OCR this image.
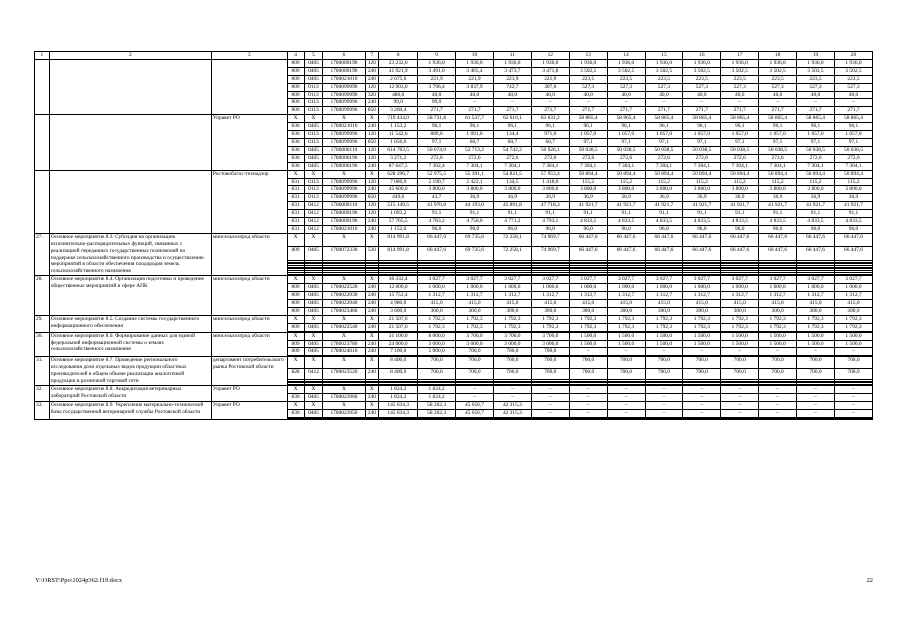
1	2	3	4	5	6	7	8	9	10	11	12	13	14	15	16	17	18	19	20
			809	0405	1780000190	120	23 232,0	1 936,0	1 936,0	1 936,0	1 936,0	1 936,0	1 936,0	1 936,0	1 936,0	1 936,0	1 936,0	1 936,0	1 936,0
			809	0405	1780000190	240	41 921,9	3 491,0	3 465,4	3 473,7	3 471,8	3 502,5	3 502,5	3 502,5	3 502,5	3 502,5	3 502,5	3 502,5	3 502,5
			809	0405	1780021010	240	2 675,6	221,9	221,9	221,9	221,9	223,5	223,5	223,5	223,5	223,5	223,5	223,5	223,5
			809	0113	1780099990	120	12 903,0	3 796,4	3 837,9	742,7	307,6	527,3	527,3	527,3	527,3	527,3	527,3	527,3	527,3
			809	0113	1780099990	320	480,0	40,0	40,0	40,0	40,0	40,0	40,0	40,0	40,0	40,0	40,0	40,0	40,0
			809	0113	1780099990	240	99,0	99,0	–	–	–	–	–	–	–	–	–	–	–
			809	0113	1780099990	850	3 260,4	271,7	271,7	271,7	271,7	271,7	271,7	271,7	271,7	271,7	271,7	271,7	271,7
		Управет РО	X	X	X	X	719 434,0	58 731,8	61 537,7	62 610,1	63 631,2	58 865,4	58 865,4	58 865,4	58 865,4	58 865,4	58 865,4	58 865,4	58 865,4
			830	0405	1780021010	240	1 153,2	96,1	96,1	96,1	96,1	96,1	96,1	96,1	96,1	96,1	96,1	96,1	96,1
			830	0113	1780099990	120	11 542,6	889,6	1 091,0	134,4	971,6	1 057,0	1 057,0	1 057,0	1 057,0	1 057,0	1 057,0	1 057,0	1 057,0
			830	0113	1780099990	850	1 056,0	97,1	60,7	60,7	60,7	97,1	97,1	97,1	97,1	97,1	97,1	97,1	97,1
			830	0405	1780000110	120	614 763,5	50 074,0	52 713,2	54 742,2	56 926,1	50 038,5	50 038,5	50 038,5	50 038,5	50 038,5	50 038,5	50 038,5	50 038,5
			830	0405	1780000190	120	3 271,2	272,6	272,6	272,6	272,6	272,6	272,6	272,6	272,6	272,6	272,6	272,6	272,6
			830	0405	1780000190	240	87 647,5	7 302,4	7 304,1	7 304,1	7 304,1	7 304,1	7 304,1	7 304,1	7 304,1	7 304,1	7 304,1	7 304,1	7 304,1
		Ростовоблгос-технадзор	X	X	X	X	628 296,7	52 975,5	55 391,1	54 821,5	57 953,4	50 894,4	50 894,4	50 894,4	50 894,4	50 894,4	50 894,4	50 894,4	50 894,4
			831	0113	1780099990	120	7 086,9	2 190,7	2 422,1	134,5	1 418,0	115,2	115,2	115,2	115,2	115,2	115,2	115,2	115,2
			831	0113	1780099990	240	45 600,0	3 800,0	3 800,0	3 800,0	3 800,0	3 800,0	3 800,0	3 800,0	3 800,0	3 800,0	3 800,0	3 800,0	3 800,0
			831	0113	1780099990	850	449,6	43,7	36,9	36,9	36,9	36,9	36,9	36,9	36,9	36,9	36,9	36,9	36,9
			831	0412	1780000110	120	515 149,5	41 970,8	44 193,0	45 891,8	47 718,3	41 921,7	41 921,7	41 921,7	41 921,7	41 921,7	41 921,7	41 921,7	41 921,7
			831	0412	1780000190	120	1 093,2	91,1	91,1	91,1	91,1	91,1	91,1	91,1	91,1	91,1	91,1	91,1	91,1
			831	0412	1780000190	240	57 765,5	4 783,2	4 750,0	4 771,2	4 793,1	4 833,5	4 833,5	4 833,5	4 833,5	4 833,5	4 833,5	4 833,5	4 833,5
			831	0412	1780021010	240	1 152,0	96,0	96,0	96,0	96,0	96,0	96,0	96,0	96,0	96,0	96,0	96,0	96,0
27.	Основное мероприятие 8.3. Субсидия на организацию исполнительно-распорядительных функций, связанных с реализацией переданных государственных полномочий по поддержке сельскохозяйственного производства и осуществлению мероприятий в области обеспечения плодородия земель сельскохозяйственного назначения	минсельхозпрод области	X	X	X	X	814 991,8	66 447,6	69 735,6	72 258,1	74 969,7	66 447,6	66 447,6	66 447,6	66 447,6	66 447,6	66 447,6	66 447,6	66 447,6
			809	0405	1780072330	530	814 991,8	66 447,6	69 735,6	72 258,1	74 969,7	66 447,6	66 447,6	66 447,6	66 447,6	66 447,6	66 447,6	66 447,6	66 447,6

28.	Основное мероприятие 8.4. Организация подготовки и проведение общественных мероприятий в сфере АПК	минсельхозпрод области	X	X	X	X	36 332,4	3 027,7	3 027,7	3 027,7	3 027,7	3 027,7	3 027,7	3 027,7	3 027,7	3 027,7	3 027,7	3 027,7	3 027,7
			809	0405	1780022520	240	12 000,0	1 000,0	1 000,0	1 000,0	1 000,0	1 000,0	1 000,0	1 000,0	1 000,0	1 000,0	1 000,0	1 000,0	1 000,0
			809	0405	1780022930	240	15 752,4	1 312,7	1 312,7	1 312,7	1 312,7	1 312,7	1 312,7	1 312,7	1 312,7	1 312,7	1 312,7	1 312,7	1 312,7
			809	0405	1780022940	240	4 980,0	415,0	415,0	415,0	415,0	415,0	415,0	415,0	415,0	415,0	415,0	415,0	415,0
			809	0405	1780023460	240	3 600,0	300,0	300,0	300,0	300,0	300,0	300,0	300,0	300,0	300,0	300,0	300,0	300,0
29.	Основное мероприятие 8.5. Создание системы государственного информационного обеспечения	минсельхозпрод области	X	X	X	X	21 507,6	1 792,3	1 792,3	1 792,3	1 792,3	1 792,3	1 792,3	1 792,3	1 792,3	1 792,3	1 792,3	1 792,3	1 792,3
			809	0405	1780022540	240	21 507,6	1 792,3	1 792,3	1 792,3	1 792,3	1 792,3	1 792,3	1 792,3	1 792,3	1 792,3	1 792,3	1 792,3	1 792,3

30.	Основное мероприятие 8.6. Формирование данных для единой федеральной информационной системы о землях сельскохозяйственного назначения	минсельхозпрод области	X	X	X	X	31 100,0	8 000,0	3 700,0	3 700,0	3 700,0	1 500,0	1 500,0	1 500,0	1 500,0	1 500,0	1 500,0	1 500,0	1 500,0
			809	0405	1780023780	240	24 000,0	3 000,0	3 000,0	3 000,0	3 000,0	1 500,0	1 500,0	1 500,0	1 500,0	1 500,0	1 500,0	1 500,0	1 500,0
			809	0405	1780024010	240	7 100,0	5 000,0	700,0	700,0	700,0	–	–	–	–	–	–	–	–

31.	Основное мероприятие 8.7. Проведение регионального исследования доли отдельных видов продукции областных производителей в общем объеме реализации аналогичной продукции в розничной торговой сети	департамент потребительского рынка Ростовской области	X	X	X	X	8 400,0	700,0	700,0	700,0	700,0	700,0	700,0	700,0	700,0	700,0	700,0	700,0	700,0
			828	0412	1780023520	240	8 400,0	700,0	700,0	700,0	700,0	700,0	700,0	700,0	700,0	700,0	700,0	700,0	700,0

32.	Основное мероприятие 8.8. Аккредитация ветеринарных лабораторий Ростовской области	Управет РО	X	X	X	X	1 824,2	1 824,2	–	–	–	–	–	–	–	–	–	–	–
			830	0405	1780023960	240	1 824,2	1 824,2	–	–	–	–	–	–	–	–	–	–	–
33.	Основное мероприятие 8.9. Укрепление материально-технической базы государственной ветеринарной службы Ростовской области	Управет РО	X	X	X	X	145 634,3	58 262,3	45 056,7	42 315,3	–	–	–	–	–	–	–	–	–
			830	0405	1780023950	240	145 634,3	58 262,3	45 056,7	42 315,3	–	–	–	–	–	–	–	–	–

Y:\ORST\Ppo\1024p362.f19.docx	22
